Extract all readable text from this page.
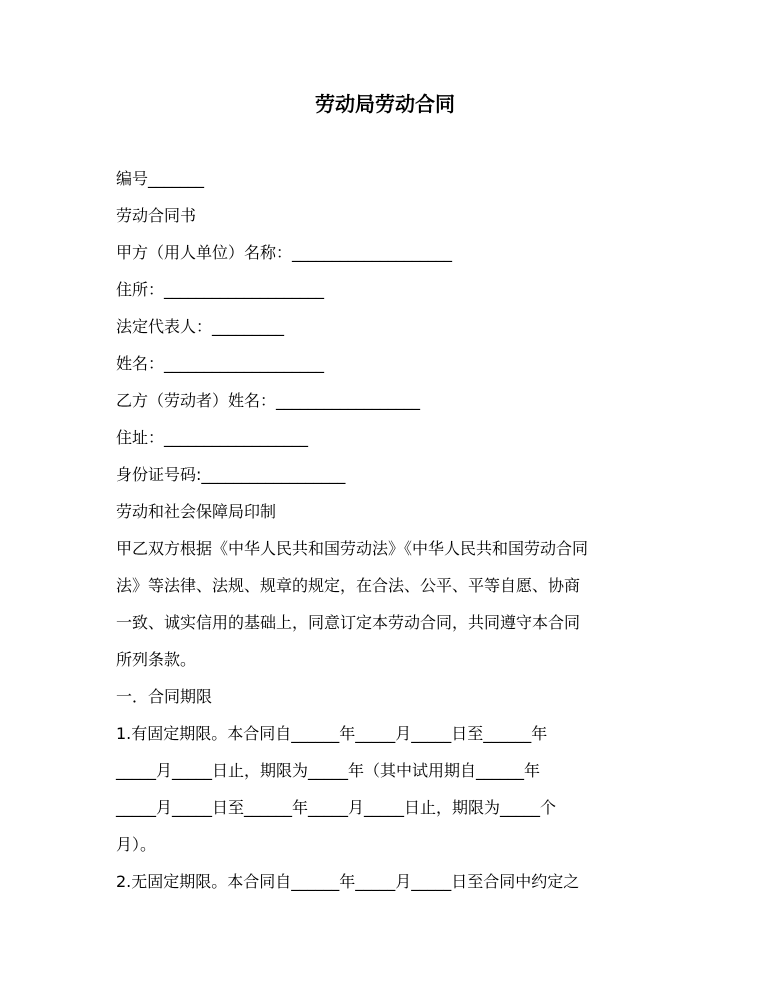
劳动局劳动合同

编号_______

劳动合同书

甲方（用人单位）名称：____________________

住所：____________________

法定代表人：_________

姓名：____________________

乙方（劳动者）姓名：__________________

住址：__________________

身份证号码:__________________

劳动和社会保障局印制

甲乙双方根据《中华人民共和国劳动法》《中华人民共和国劳动合同

法》等法律、法规、规章的规定，在合法、公平、平等自愿、协商

一致、诚实信用的基础上，同意订定本劳动合同，共同遵守本合同

所列条款。

一．合同期限

1.有固定期限。本合同自______年_____月_____日至______年

_____月_____日止，期限为_____年（其中试用期自______年

_____月_____日至______年_____月_____日止，期限为_____个

月）。

2.无固定期限。本合同自______年_____月_____日至合同中约定之
